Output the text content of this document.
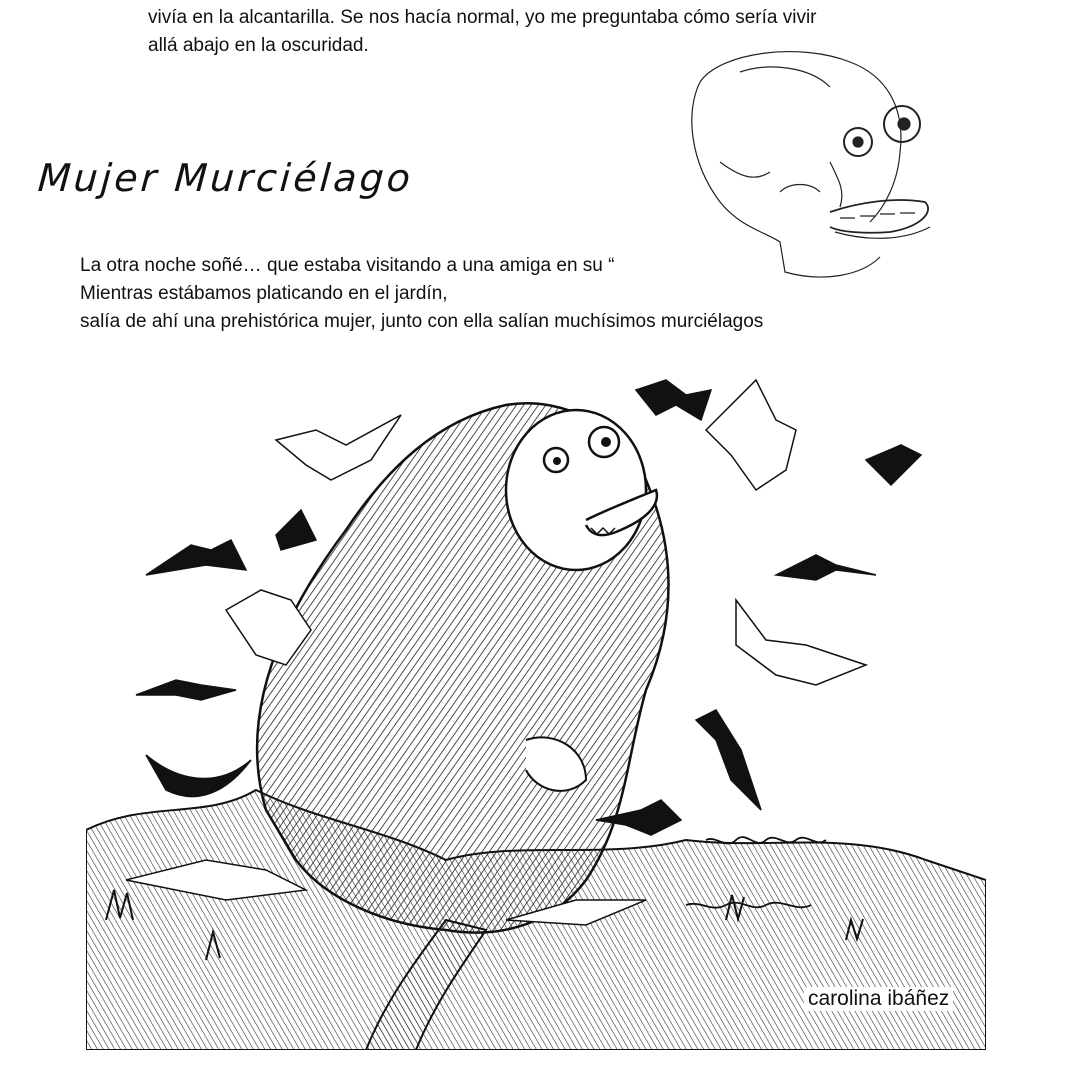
vivía en la alcantarilla. Se nos hacía normal, yo me preguntaba cómo sería vivir

allá abajo en la oscuridad.

Mujer Murciélago

La otra noche soñé… que estaba visitando a una amiga en su “

Mientras estábamos platicando en el jardín,

salía de ahí una prehistórica mujer, junto con ella salían muchísimos murciélagos

carolina ibáñez
